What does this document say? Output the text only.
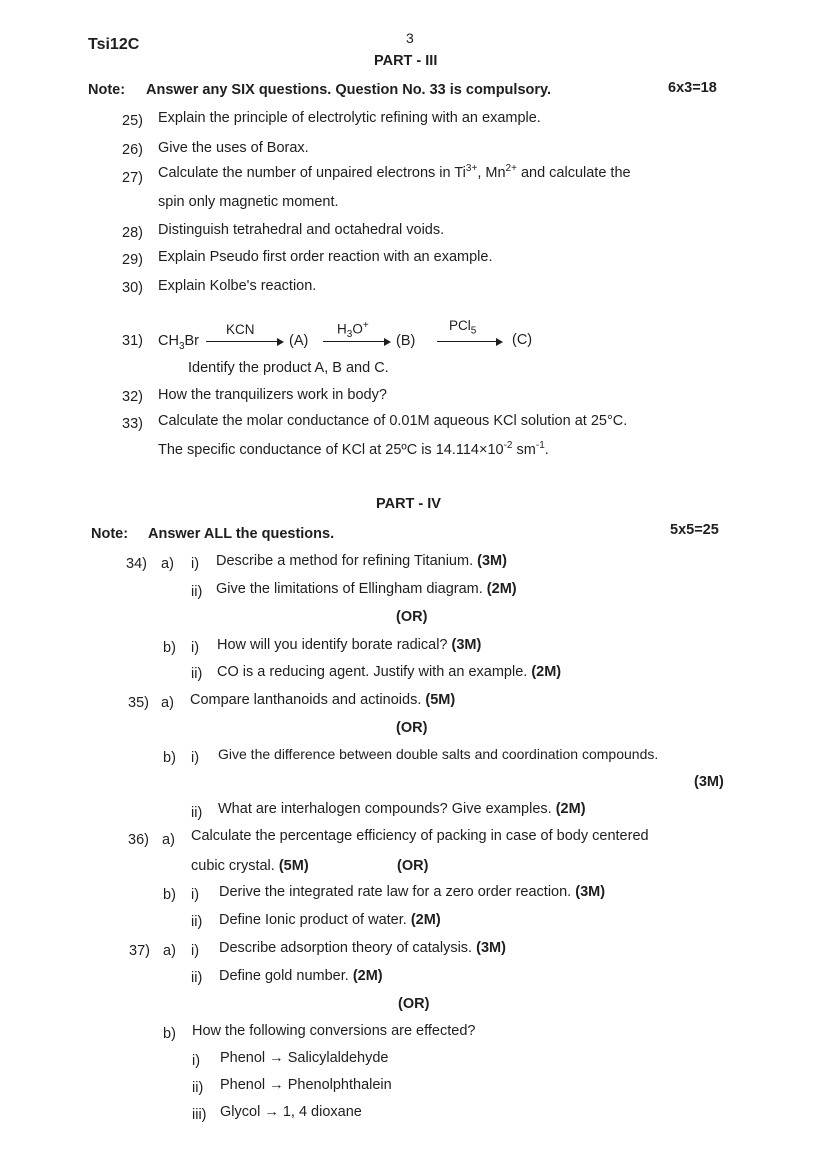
Tsi12C	3
PART - III
Note: Answer any SIX questions. Question No. 33 is compulsory.	6x3=18
25) Explain the principle of electrolytic refining with an example.
26) Give the uses of Borax.
27) Calculate the number of unpaired electrons in $Ti^{3+}$, $Mn^{2+}$ and calculate the
spin only magnetic moment.
28) Distinguish tetrahedral and octahedral voids.
29) Explain Pseudo first order reaction with an example.
30) Explain Kolbe's reaction.
31) $CH_3Br$
KCN
(A)
$H_3O^+$
(B)
PCl$_5$
→ (C)
Identify the product A, B and C.
32) How the tranquilizers work in body?
33) Calculate the molar conductance of 0.01M aqueous KCl solution at 25°C.
The specific conductance of KCl at 25ºC is $14.114\times 10^{-2}$ $sm^{-1}$.
PART - IV
Note: Answer ALL the questions.	5x5=25
34) a) i) Describe a method for refining Titanium. (3M)
ii) Give the limitations of Ellingham diagram. (2M)
(OR)
b) i) How will you identify borate radical? (3M)
ii) CO is a reducing agent. Justify with an example. (2M)
35) a) Compare lanthanoids and actinoids. (5M)
(OR)
b) i) Give the difference between double salts and coordination compounds.
(3M)
ii) What are interhalogen compounds? Give examples. (2M)
36) a) Calculate the percentage efficiency of packing in case of body centered
cubic crystal. (5M)	(OR)
b) i) Derive the integrated rate law for a zero order reaction. (3M)
ii) Define Ionic product of water. (2M)
37) a) i) Describe adsorption theory of catalysis. (3M)
ii) Define gold number. (2M)
(OR)
b) How the following conversions are effected?
i) Phenol → Salicylaldehyde
ii) Phenol → Phenolphthalein
iii) Glycol → 1, 4 dioxane
